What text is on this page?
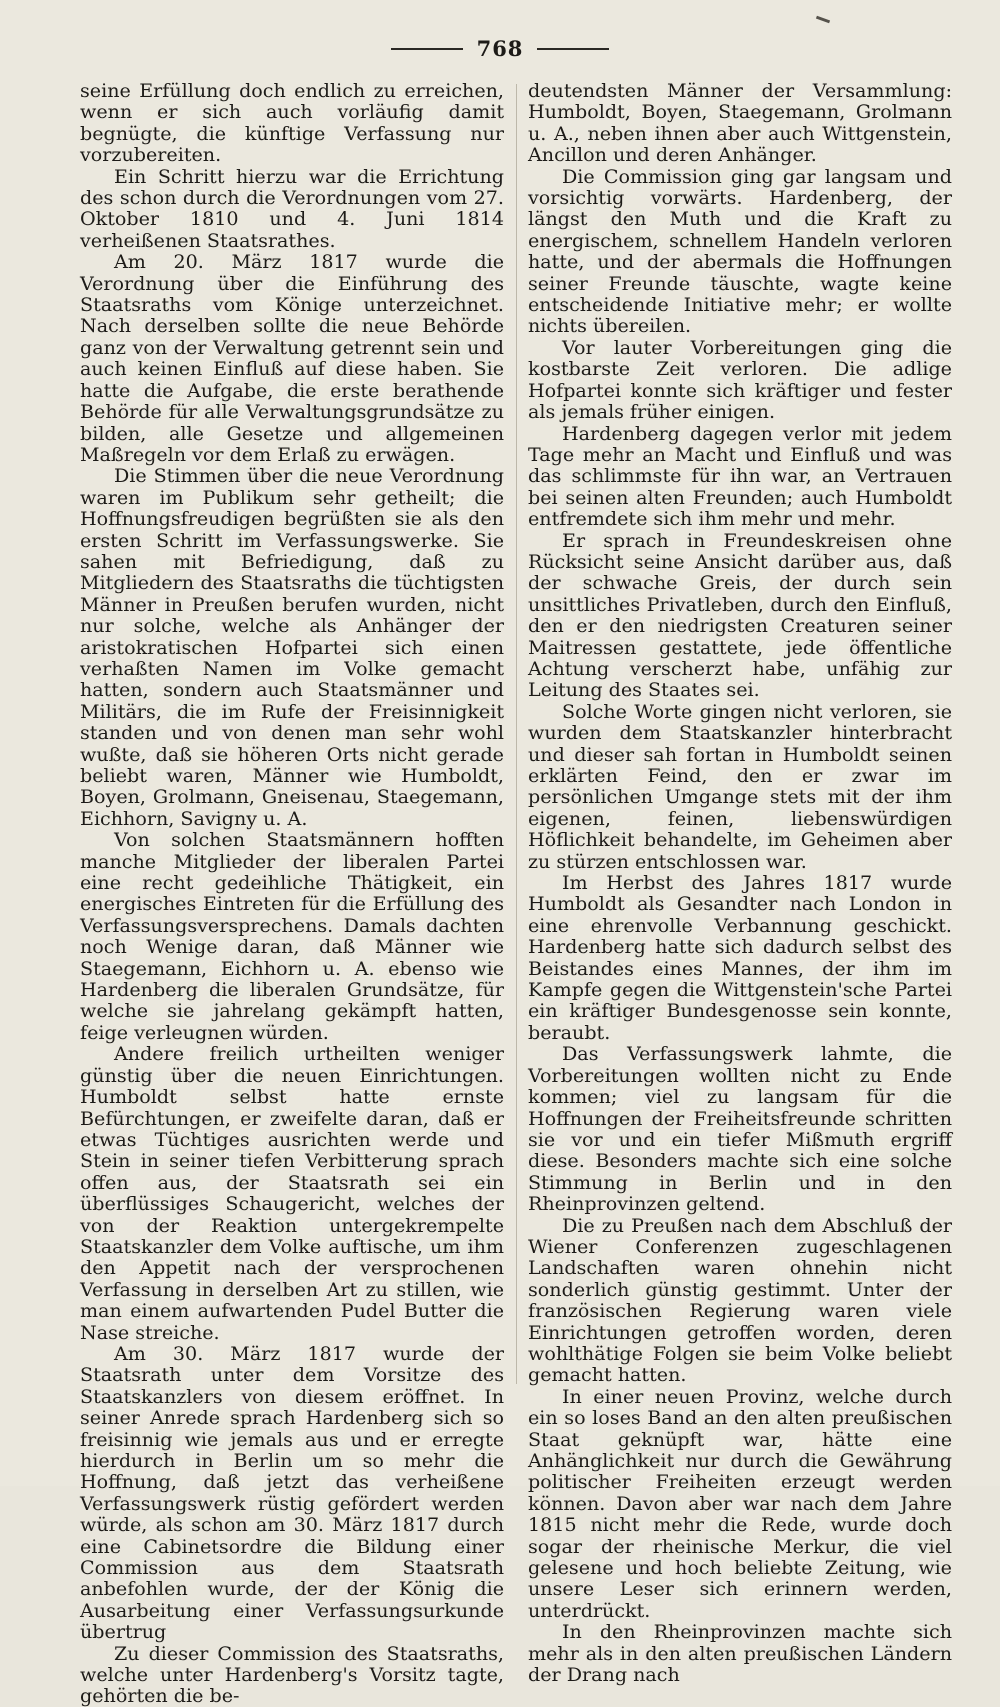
768

seine Erfüllung doch endlich zu erreichen, wenn er sich auch vorläufig damit begnügte, die künftige Verfassung nur vorzubereiten.

Ein Schritt hierzu war die Errichtung des schon durch die Verordnungen vom 27. Oktober 1810 und 4. Juni 1814 verheißenen Staatsrathes.

Am 20. März 1817 wurde die Verordnung über die Einführung des Staatsraths vom Könige unterzeichnet. Nach derselben sollte die neue Behörde ganz von der Verwaltung getrennt sein und auch keinen Einfluß auf diese haben. Sie hatte die Aufgabe, die erste berathende Behörde für alle Verwaltungsgrundsätze zu bilden, alle Gesetze und allgemeinen Maßregeln vor dem Erlaß zu erwägen.

Die Stimmen über die neue Verordnung waren im Publikum sehr getheilt; die Hoffnungsfreudigen begrüßten sie als den ersten Schritt im Verfassungswerke. Sie sahen mit Befriedigung, daß zu Mitgliedern des Staatsraths die tüchtigsten Männer in Preußen berufen wurden, nicht nur solche, welche als Anhänger der aristokratischen Hofpartei sich einen verhaßten Namen im Volke gemacht hatten, sondern auch Staatsmänner und Militärs, die im Rufe der Freisinnigkeit standen und von denen man sehr wohl wußte, daß sie höheren Orts nicht gerade beliebt waren, Männer wie Humboldt, Boyen, Grolmann, Gneisenau, Staegemann, Eichhorn, Savigny u. A.

Von solchen Staatsmännern hofften manche Mitglieder der liberalen Partei eine recht gedeihliche Thätigkeit, ein energisches Eintreten für die Erfüllung des Verfassungsversprechens. Damals dachten noch Wenige daran, daß Männer wie Staegemann, Eichhorn u. A. ebenso wie Hardenberg die liberalen Grundsätze, für welche sie jahrelang gekämpft hatten, feige verleugnen würden.

Andere freilich urtheilten weniger günstig über die neuen Einrichtungen. Humboldt selbst hatte ernste Befürchtungen, er zweifelte daran, daß er etwas Tüchtiges ausrichten werde und Stein in seiner tiefen Verbitterung sprach offen aus, der Staatsrath sei ein überflüssiges Schaugericht, welches der von der Reaktion untergekrempelte Staatskanzler dem Volke auftische, um ihm den Appetit nach der versprochenen Verfassung in derselben Art zu stillen, wie man einem aufwartenden Pudel Butter die Nase streiche.

Am 30. März 1817 wurde der Staatsrath unter dem Vorsitze des Staatskanzlers von diesem eröffnet. In seiner Anrede sprach Hardenberg sich so freisinnig wie jemals aus und er erregte hierdurch in Berlin um so mehr die Hoffnung, daß jetzt das verheißene Verfassungswerk rüstig gefördert werden würde, als schon am 30. März 1817 durch eine Cabinetsordre die Bildung einer Commission aus dem Staatsrath anbefohlen wurde, der der König die Ausarbeitung einer Verfassungsurkunde übertrug

Zu dieser Commission des Staatsraths, welche unter Hardenberg's Vorsitz tagte, gehörten die be-

deutendsten Männer der Versammlung: Humboldt, Boyen, Staegemann, Grolmann u. A., neben ihnen aber auch Wittgenstein, Ancillon und deren Anhänger.

Die Commission ging gar langsam und vorsichtig vorwärts. Hardenberg, der längst den Muth und die Kraft zu energischem, schnellem Handeln verloren hatte, und der abermals die Hoffnungen seiner Freunde täuschte, wagte keine entscheidende Initiative mehr; er wollte nichts übereilen.

Vor lauter Vorbereitungen ging die kostbarste Zeit verloren. Die adlige Hofpartei konnte sich kräftiger und fester als jemals früher einigen.

Hardenberg dagegen verlor mit jedem Tage mehr an Macht und Einfluß und was das schlimmste für ihn war, an Vertrauen bei seinen alten Freunden; auch Humboldt entfremdete sich ihm mehr und mehr.

Er sprach in Freundeskreisen ohne Rücksicht seine Ansicht darüber aus, daß der schwache Greis, der durch sein unsittliches Privatleben, durch den Einfluß, den er den niedrigsten Creaturen seiner Maitressen gestattete, jede öffentliche Achtung verscherzt habe, unfähig zur Leitung des Staates sei.

Solche Worte gingen nicht verloren, sie wurden dem Staatskanzler hinterbracht und dieser sah fortan in Humboldt seinen erklärten Feind, den er zwar im persönlichen Umgange stets mit der ihm eigenen, feinen, liebenswürdigen Höflichkeit behandelte, im Geheimen aber zu stürzen entschlossen war.

Im Herbst des Jahres 1817 wurde Humboldt als Gesandter nach London in eine ehrenvolle Verbannung geschickt. Hardenberg hatte sich dadurch selbst des Beistandes eines Mannes, der ihm im Kampfe gegen die Wittgenstein'sche Partei ein kräftiger Bundesgenosse sein konnte, beraubt.

Das Verfassungswerk lahmte, die Vorbereitungen wollten nicht zu Ende kommen; viel zu langsam für die Hoffnungen der Freiheitsfreunde schritten sie vor und ein tiefer Mißmuth ergriff diese. Besonders machte sich eine solche Stimmung in Berlin und in den Rheinprovinzen geltend.

Die zu Preußen nach dem Abschluß der Wiener Conferenzen zugeschlagenen Landschaften waren ohnehin nicht sonderlich günstig gestimmt. Unter der französischen Regierung waren viele Einrichtungen getroffen worden, deren wohlthätige Folgen sie beim Volke beliebt gemacht hatten.

In einer neuen Provinz, welche durch ein so loses Band an den alten preußischen Staat geknüpft war, hätte eine Anhänglichkeit nur durch die Gewährung politischer Freiheiten erzeugt werden können. Davon aber war nach dem Jahre 1815 nicht mehr die Rede, wurde doch sogar der rheinische Merkur, die viel gelesene und hoch beliebte Zeitung, wie unsere Leser sich erinnern werden, unterdrückt.

In den Rheinprovinzen machte sich mehr als in den alten preußischen Ländern der Drang nach
